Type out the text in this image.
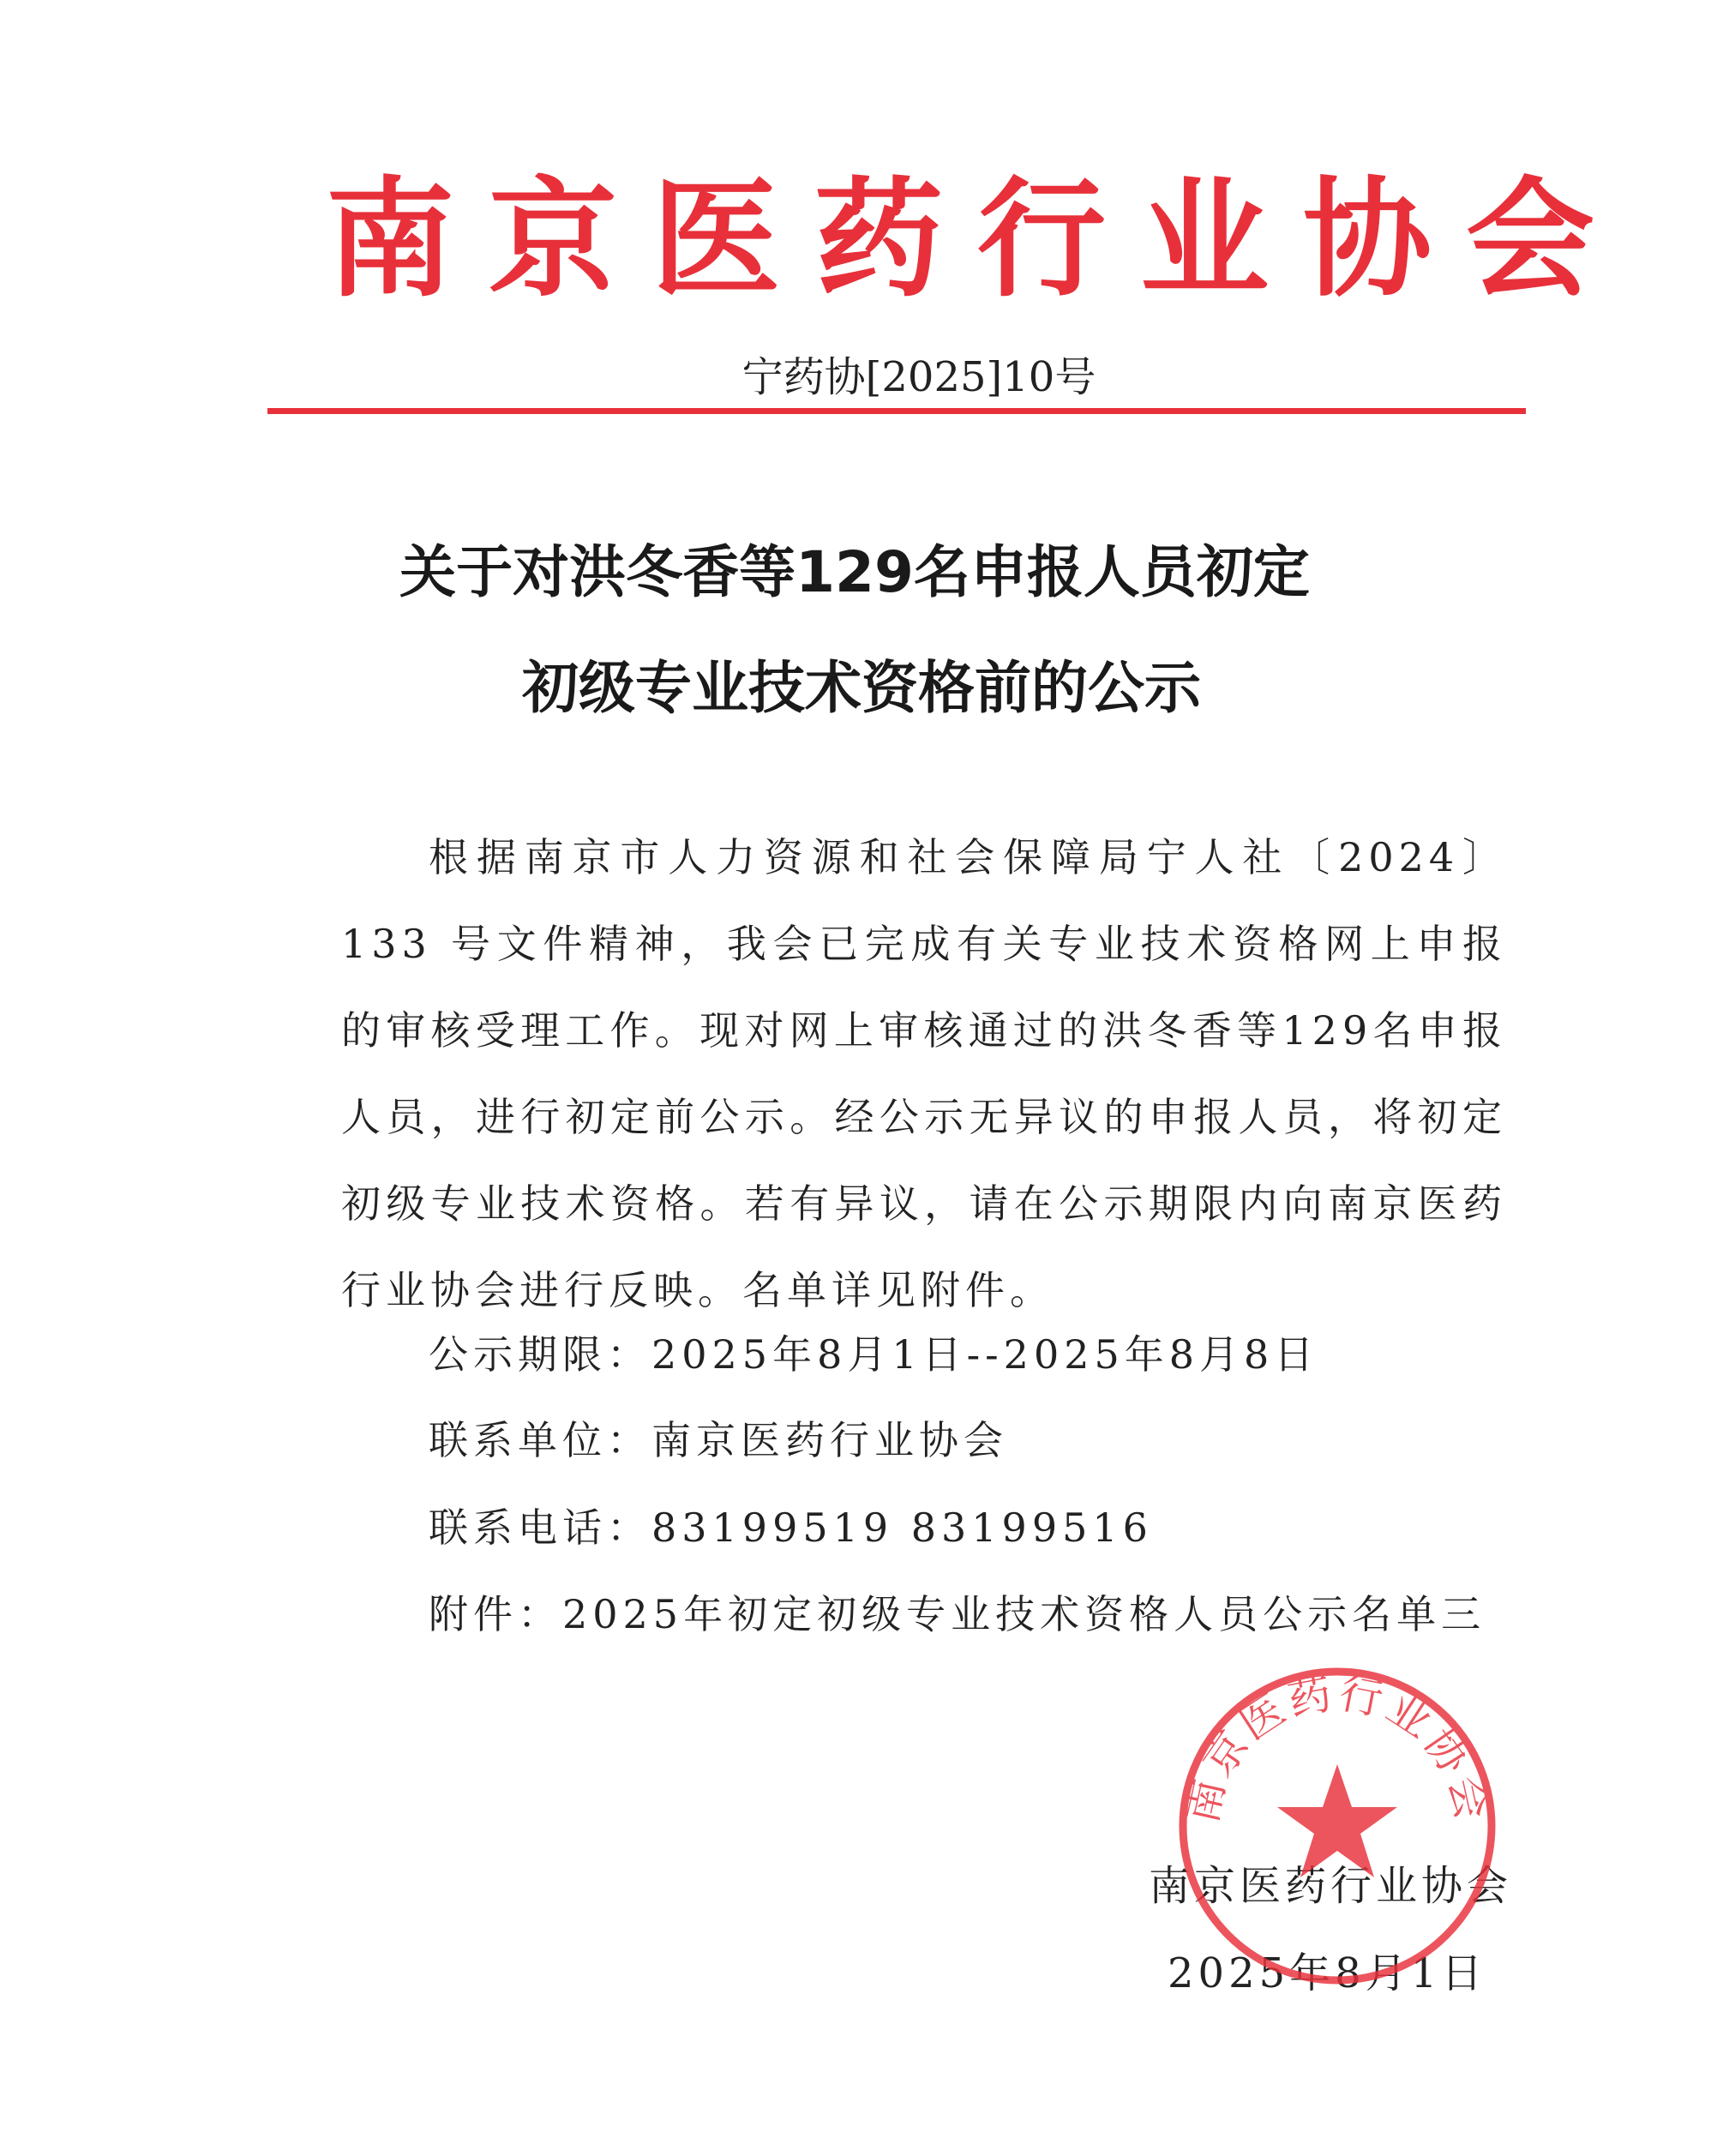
南京医药行业协会
宁药协[2025]10号
关于对洪冬香等129名申报人员初定
初级专业技术资格前的公示
根据南京市人力资源和社会保障局宁人社〔2024〕133 号文件精神，我会已完成有关专业技术资格网上申报的审核受理工作。现对网上审核通过的洪冬香等129名申报人员，进行初定前公示。经公示无异议的申报人员，将初定初级专业技术资格。若有异议，请在公示期限内向南京医药行业协会进行反映。名单详见附件。
公示期限：2025年8月1日--2025年8月8日
联系单位：南京医药行业协会
联系电话：83199519 83199516
附件：2025年初定初级专业技术资格人员公示名单三
南京医药行业协会
2025年8月1日
南京医药行业协会
